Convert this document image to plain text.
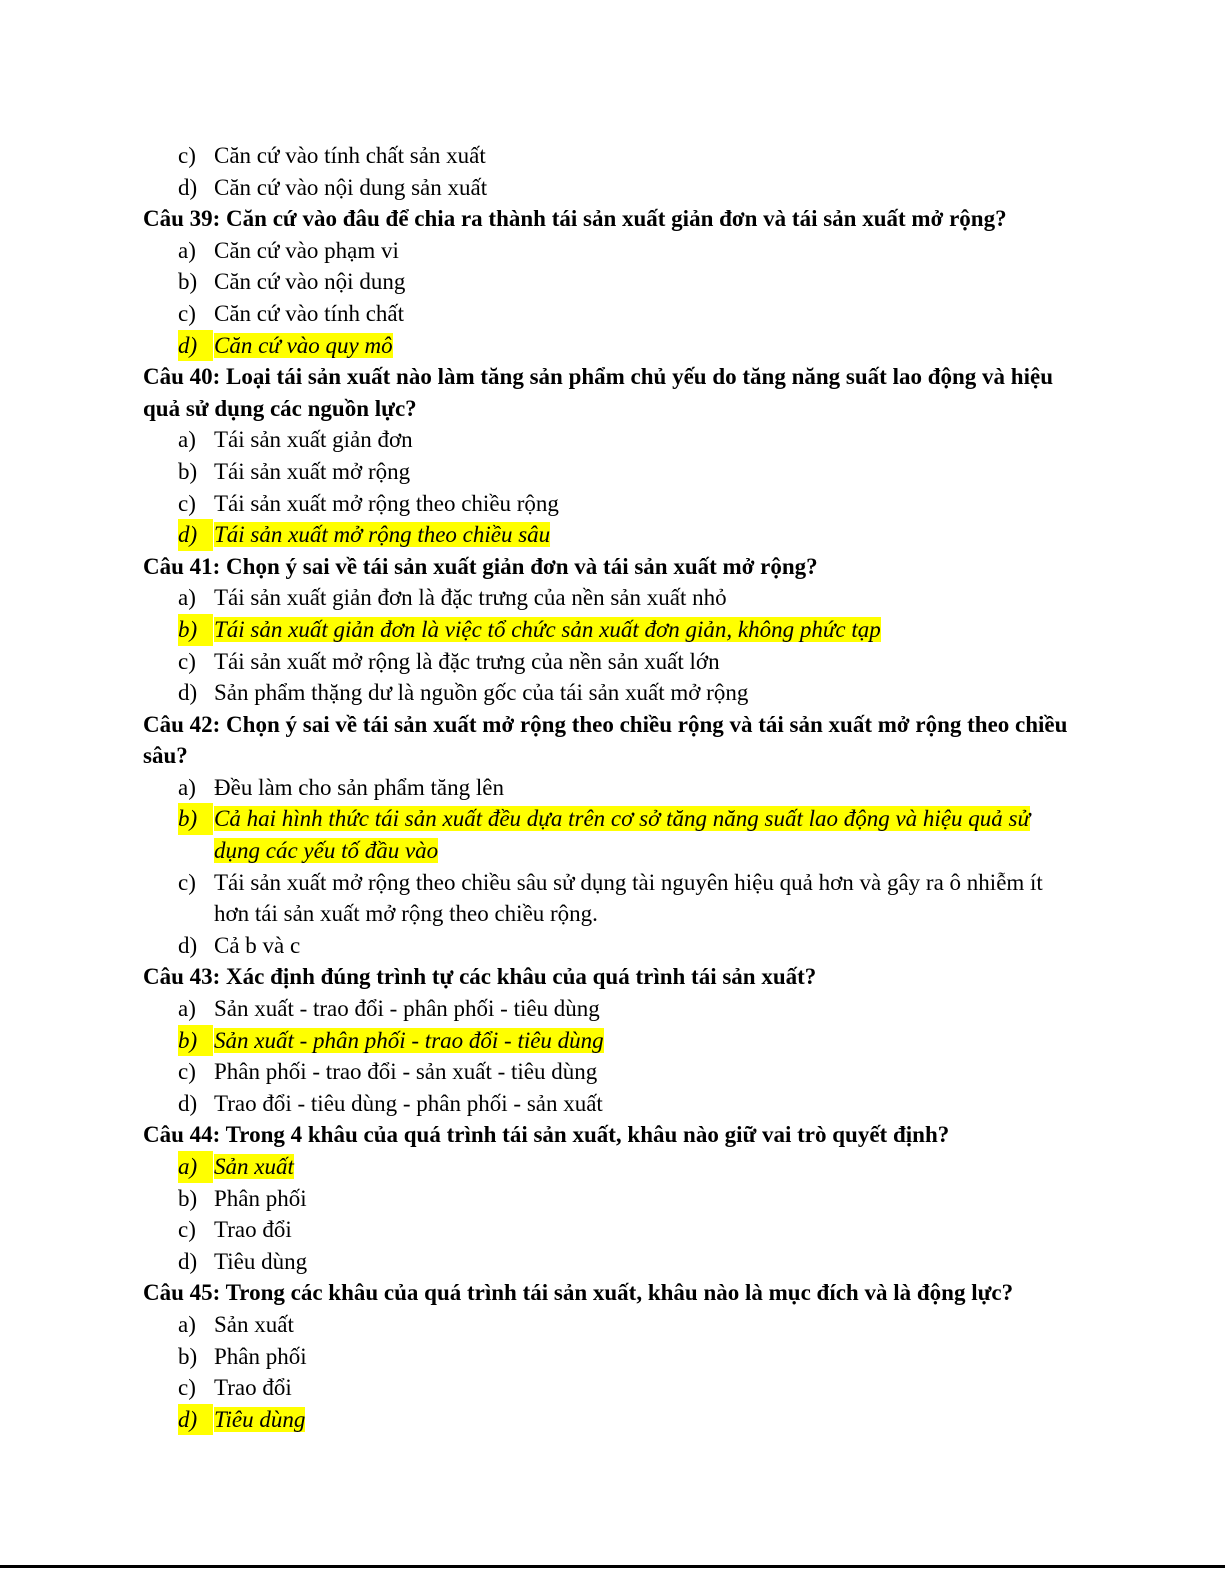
c) Căn cứ vào tính chất sản xuất
d) Căn cứ vào nội dung sản xuất

Câu 39: Căn cứ vào đâu để chia ra thành tái sản xuất giản đơn và tái sản xuất mở rộng?

a) Căn cứ vào phạm vi
b) Căn cứ vào nội dung
c) Căn cứ vào tính chất
d) Căn cứ vào quy mô

Câu 40: Loại tái sản xuất nào làm tăng sản phẩm chủ yếu do tăng năng suất lao động và hiệu quả sử dụng các nguồn lực?

a) Tái sản xuất giản đơn
b) Tái sản xuất mở rộng
c) Tái sản xuất mở rộng theo chiều rộng
d) Tái sản xuất mở rộng theo chiều sâu

Câu 41: Chọn ý sai về tái sản xuất giản đơn và tái sản xuất mở rộng?

a) Tái sản xuất giản đơn là đặc trưng của nền sản xuất nhỏ
b) Tái sản xuất giản đơn là việc tổ chức sản xuất đơn giản, không phức tạp
c) Tái sản xuất mở rộng là đặc trưng của nền sản xuất lớn
d) Sản phẩm thặng dư là nguồn gốc của tái sản xuất mở rộng

Câu 42: Chọn ý sai về tái sản xuất mở rộng theo chiều rộng và tái sản xuất mở rộng theo chiều sâu?

a) Đều làm cho sản phẩm tăng lên
b) Cả hai hình thức tái sản xuất đều dựa trên cơ sở tăng năng suất lao động và hiệu quả sử dụng các yếu tố đầu vào
c) Tái sản xuất mở rộng theo chiều sâu sử dụng tài nguyên hiệu quả hơn và gây ra ô nhiễm ít hơn tái sản xuất mở rộng theo chiều rộng.
d) Cả b và c

Câu 43: Xác định đúng trình tự các khâu của quá trình tái sản xuất?

a) Sản xuất - trao đổi - phân phối - tiêu dùng
b) Sản xuất - phân phối - trao đổi - tiêu dùng
c) Phân phối - trao đổi - sản xuất - tiêu dùng
d) Trao đổi - tiêu dùng - phân phối - sản xuất

Câu 44: Trong 4 khâu của quá trình tái sản xuất, khâu nào giữ vai trò quyết định?

a) Sản xuất
b) Phân phối
c) Trao đổi
d) Tiêu dùng

Câu 45: Trong các khâu của quá trình tái sản xuất, khâu nào là mục đích và là động lực?

a) Sản xuất
b) Phân phối
c) Trao đổi
d) Tiêu dùng
